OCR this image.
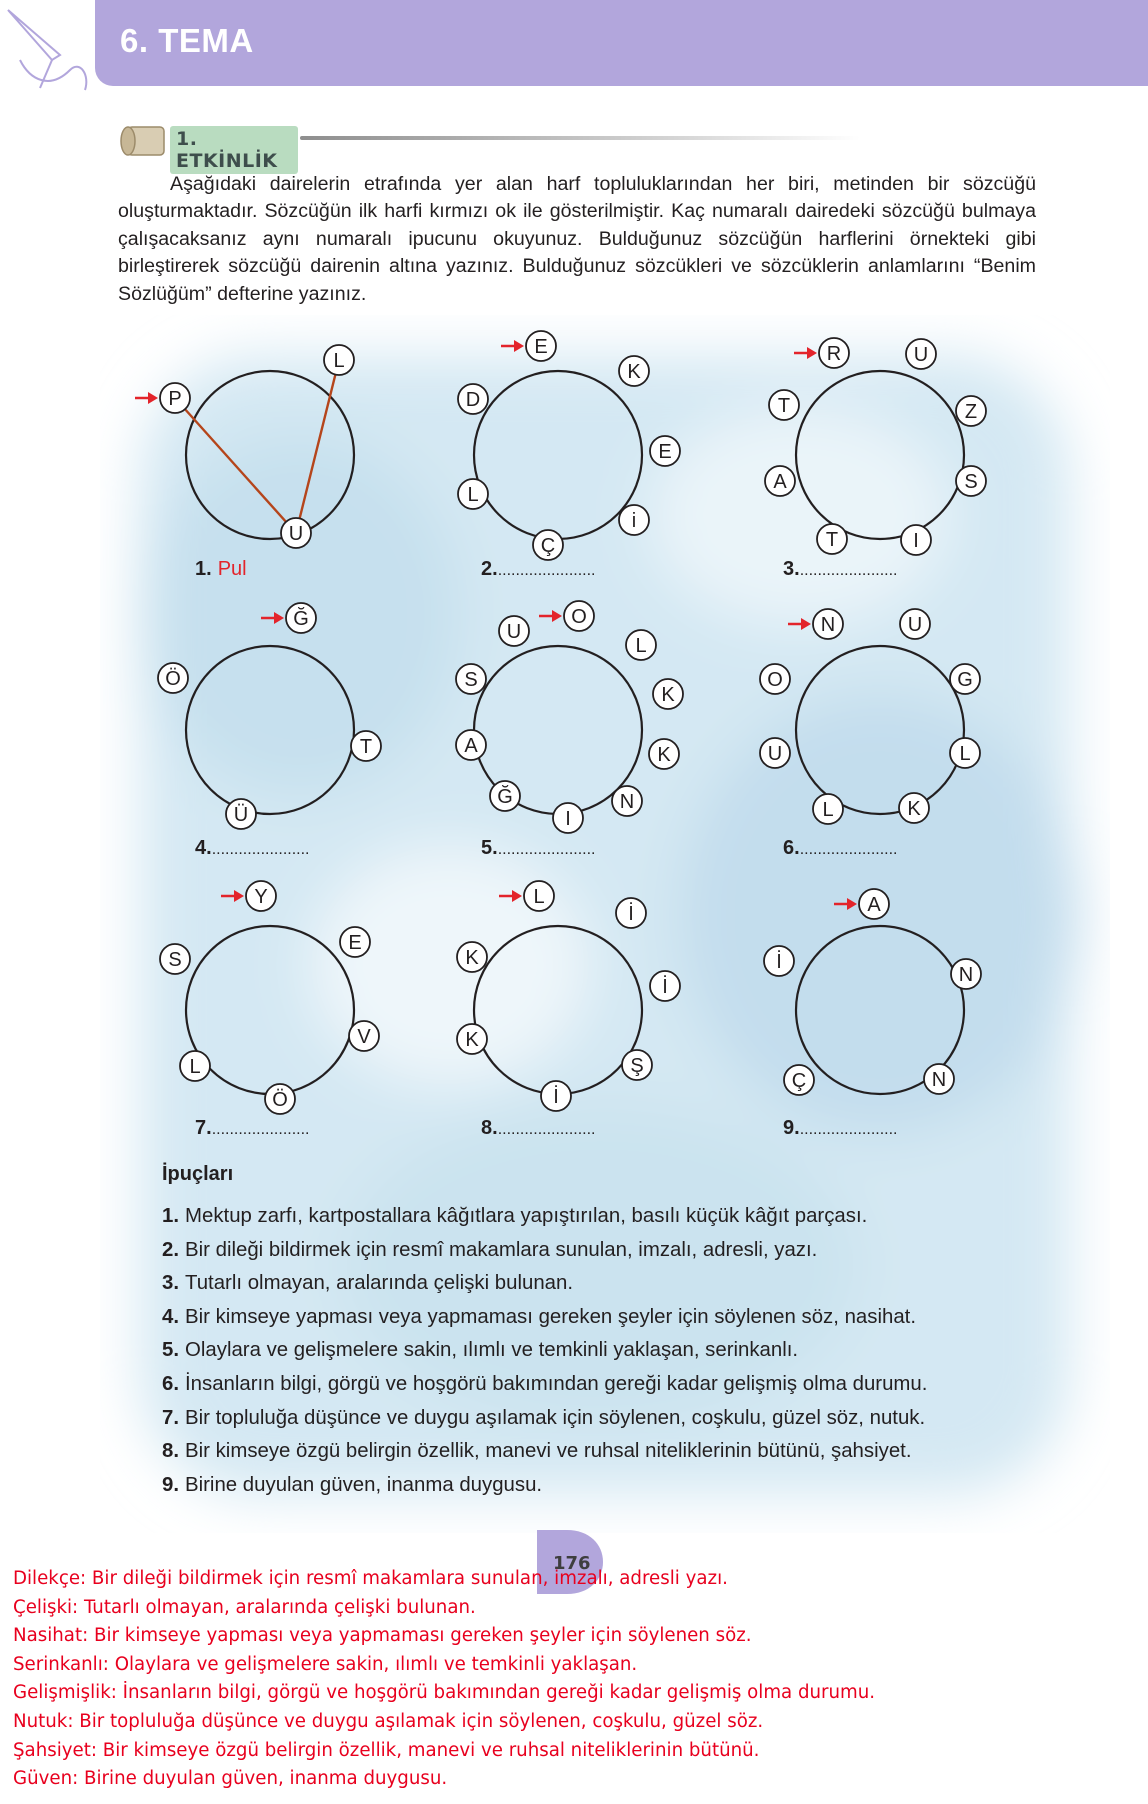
6. TEMA
1. ETKİNLİK

Aşağıdaki dairelerin etrafında yer alan harf topluluklarından her biri, metinden bir sözcüğü oluşturmaktadır. Sözcüğün ilk harfi kırmızı ok ile gösterilmiştir. Kaç numaralı dairedeki sözcüğü bulmaya çalışacaksanız aynı numaralı ipucunu okuyunuz. Bulduğunuz sözcüğün harflerini örnekteki gibi birleştirerek sözcüğü dairenin altına yazınız. Bulduğunuz sözcükleri ve sözcüklerin anlamlarını “Benim Sözlüğüm” defterine yazınız.

P
L
U
1. Pul
E
K
D
E
L
i
Ç
2.......................
R	U
T	Z
A	S
T	I
3.......................
Ğ
Ö
T
Ü
4.......................
O
U
L
S
K
A	K
Ğ	N
I
5.......................
N	U
O	G
U	L
L	K
6.......................
Y
S
E
V
L
Ö
7.......................
L
İ
K
İ
K
Ş
İ
8.......................
A
İ
N
Ç	N
9.......................
İpuçları
1. Mektup zarfı, kartpostallara kâğıtlara yapıştırılan, basılı küçük kâğıt parçası.
2. Bir dileği bildirmek için resmî makamlara sunulan, imzalı, adresli, yazı.
3. Tutarlı olmayan, aralarında çelişki bulunan.
4. Bir kimseye yapması veya yapmaması gereken şeyler için söylenen söz, nasihat.
5. Olaylara ve gelişmelere sakin, ılımlı ve temkinli yaklaşan, serinkanlı.
6. İnsanların bilgi, görgü ve hoşgörü bakımından gereği kadar gelişmiş olma durumu.
7. Bir topluluğa düşünce ve duygu aşılamak için söylenen, coşkulu, güzel söz, nutuk.
8. Bir kimseye özgü belirgin özellik, manevi ve ruhsal niteliklerinin bütünü, şahsiyet.
9. Birine duyulan güven, inanma duygusu.
176
Dilekçe: Bir dileği bildirmek için resmî makamlara sunulan, imzalı, adresli yazı.
Çelişki: Tutarlı olmayan, aralarında çelişki bulunan.
Nasihat: Bir kimseye yapması veya yapmaması gereken şeyler için söylenen söz.
Serinkanlı: Olaylara ve gelişmelere sakin, ılımlı ve temkinli yaklaşan.
Gelişmişlik: İnsanların bilgi, görgü ve hoşgörü bakımından gereği kadar gelişmiş olma durumu.
Nutuk: Bir topluluğa düşünce ve duygu aşılamak için söylenen, coşkulu, güzel söz.
Şahsiyet: Bir kimseye özgü belirgin özellik, manevi ve ruhsal niteliklerinin bütünü.
Güven: Birine duyulan güven, inanma duygusu.
